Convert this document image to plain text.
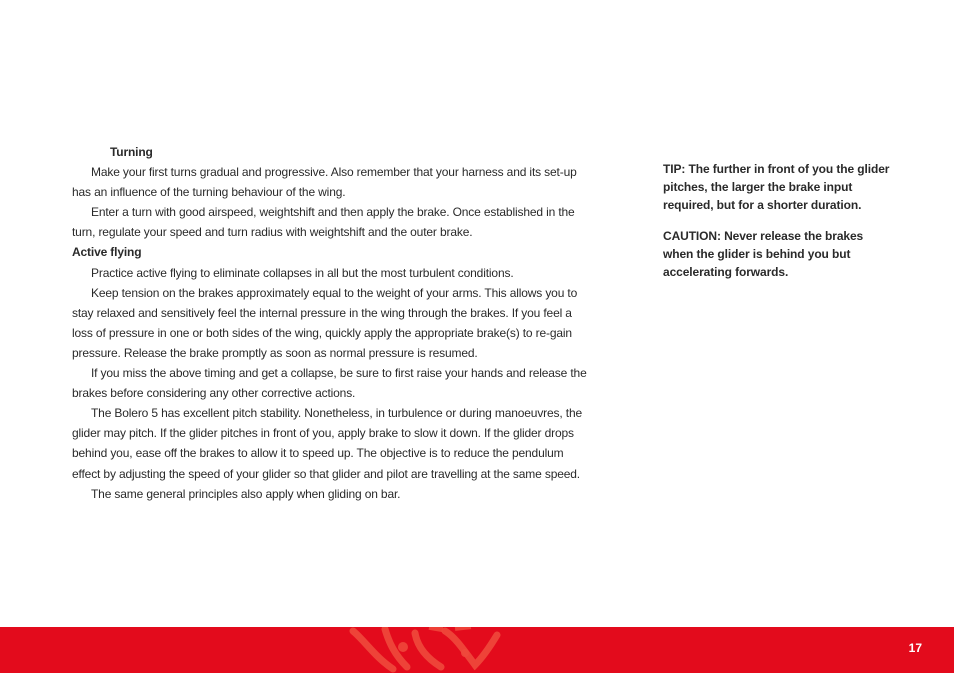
Turning

Make your first turns gradual and progressive. Also remember that your harness and its set-up has an influence of the turning behaviour of the wing.

Enter a turn with good airspeed, weightshift and then apply the brake. Once established in the turn, regulate your speed and turn radius with weightshift and the outer brake.

Active flying

Practice active flying to eliminate collapses in all but the most turbulent conditions.

Keep tension on the brakes approximately equal to the weight of your arms. This allows you to stay relaxed and sensitively feel the internal pressure in the wing through the brakes. If you feel a loss of pressure in one or both sides of the wing, quickly apply the appropriate brake(s) to re-gain pressure. Release the brake promptly as soon as normal pressure is resumed.

If you miss the above timing and get a collapse, be sure to first raise your hands and release the brakes before considering any other corrective actions.

The Bolero 5 has excellent pitch stability. Nonetheless, in turbulence or during manoeuvres, the glider may pitch. If the glider pitches in front of you, apply brake to slow it down. If the glider drops behind you, ease off the brakes to allow it to speed up. The objective is to reduce the pendulum effect by adjusting the speed of your glider so that glider and pilot are travelling at the same speed.

The same general principles also apply when gliding on bar.

TIP: The further in front of you the glider pitches, the larger the brake input required, but for a shorter duration.

CAUTION: Never release the brakes when the glider is behind you but accelerating forwards.

17
